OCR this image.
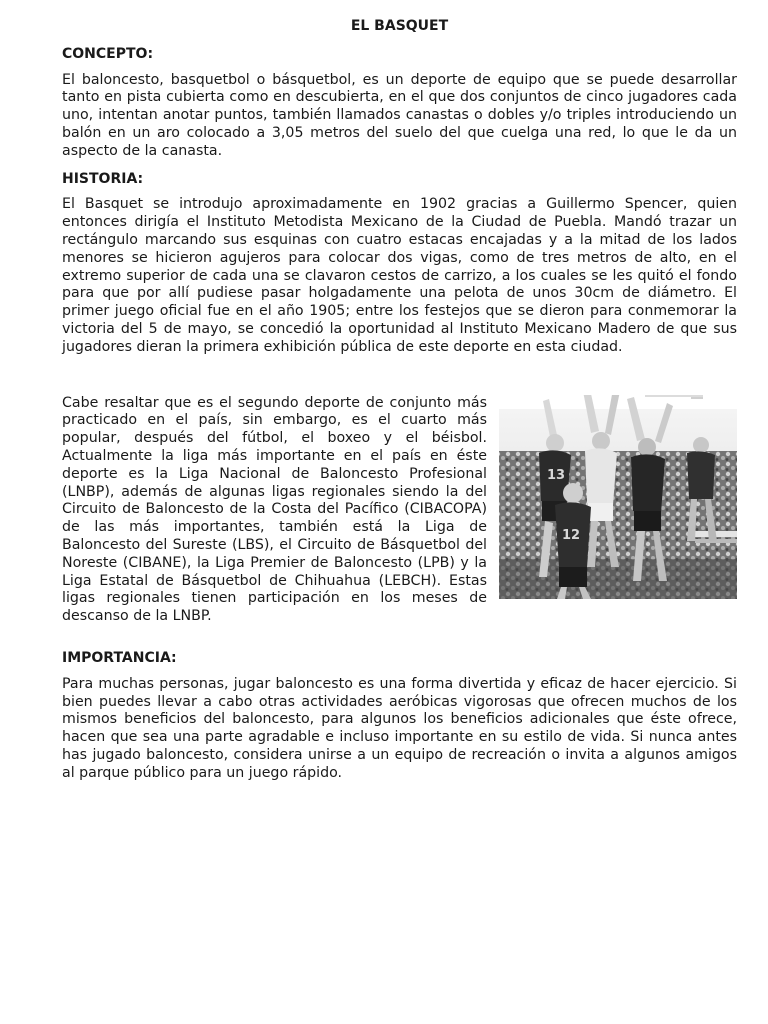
EL BASQUET
CONCEPTO:

El baloncesto, basquetbol o básquetbol, es un deporte de equipo que se puede desarrollar tanto en pista cubierta como en descubierta, en el que dos conjuntos de cinco jugadores cada uno, intentan anotar puntos, también llamados canastas o dobles y/o triples introduciendo un balón en un aro colocado a 3,05 metros del suelo del que cuelga una red, lo que le da un aspecto de la canasta.

HISTORIA:

El Basquet se introdujo aproximadamente en 1902 gracias a Guillermo Spencer, quien entonces dirigía el Instituto Metodista Mexicano de la Ciudad de Puebla. Mandó trazar un rectángulo marcando sus esquinas con cuatro estacas encajadas y a la mitad de los lados menores se hicieron agujeros para colocar dos vigas, como de tres metros de alto, en el extremo superior de cada una se clavaron cestos de carrizo, a los cuales se les quitó el fondo para que por allí pudiese pasar holgadamente una pelota de unos 30cm de diámetro. El primer juego oficial fue en el año 1905; entre los festejos que se dieron para conmemorar la victoria del 5 de mayo, se concedió la oportunidad al Instituto Mexicano Madero de que sus jugadores dieran la primera exhibición pública de este deporte en esta ciudad.

13
12

Cabe resaltar que es el segundo deporte de conjunto más practicado en el país, sin embargo, es el cuarto más popular, después del fútbol, el boxeo y el béisbol. Actualmente la liga más importante en el país en éste deporte es la Liga Nacional de Baloncesto Profesional (LNBP), además de algunas ligas regionales siendo la del Circuito de Baloncesto de la Costa del Pacífico (CIBACOPA) de las más importantes, también está la Liga de Baloncesto del Sureste (LBS), el Circuito de Básquetbol del Noreste (CIBANE), la Liga Premier de Baloncesto (LPB) y la Liga Estatal de Básquetbol de Chihuahua (LEBCH). Estas ligas regionales tienen participación en los meses de descanso de la LNBP.

IMPORTANCIA:

Para muchas personas, jugar baloncesto es una forma divertida y eficaz de hacer ejercicio. Si bien puedes llevar a cabo otras actividades aeróbicas vigorosas que ofrecen muchos de los mismos beneficios del baloncesto, para algunos los beneficios adicionales que éste ofrece, hacen que sea una parte agradable e incluso importante en su estilo de vida. Si nunca antes has jugado baloncesto, considera unirse a un equipo de recreación o invita a algunos amigos al parque público para un juego rápido.
